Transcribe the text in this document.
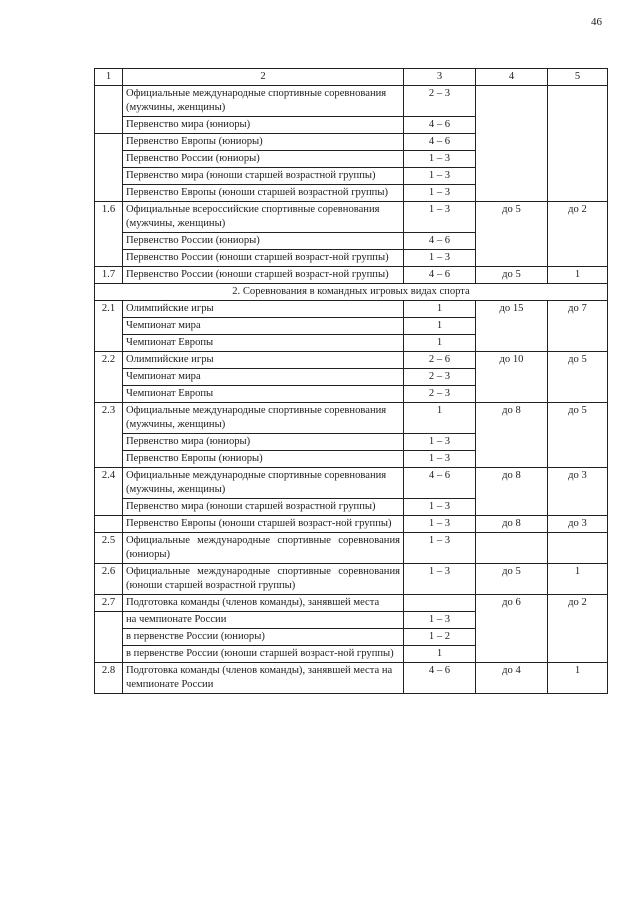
46
1	2	3	4	5
	Официальные международные спортивные соревнования (мужчины, женщины)	2 – 3		
	Первенство мира (юниоры)	4 – 6		
	Первенство Европы (юниоры)	4 – 6		
	Первенство России (юниоры)	1 – 3		
	Первенство мира (юноши старшей возрастной группы)	1 – 3		
	Первенство Европы (юноши старшей возрастной группы)	1 – 3		
1.6	Официальные всероссийские спортивные соревнования (мужчины, женщины)	1 – 3	до 5	до 2
	Первенство России (юниоры)	4 – 6		
	Первенство России (юноши старшей возраст-ной группы)	1 – 3		
1.7	Первенство России (юноши старшей возраст-ной группы)	4 – 6	до 5	1
2. Соревнования в командных игровых видах спорта				
2.1	Олимпийские игры	1	до 15	до 7
	Чемпионат мира	1		
	Чемпионат Европы	1		
2.2	Олимпийские игры	2 – 6	до 10	до 5
	Чемпионат мира	2 – 3		
	Чемпионат Европы	2 – 3		
2.3	Официальные международные спортивные соревнования (мужчины, женщины)	1	до 8	до 5
	Первенство мира (юниоры)	1 – 3		
	Первенство Европы (юниоры)	1 – 3		
2.4	Официальные международные спортивные соревнования (мужчины, женщины)	4 – 6	до 8	до 3
	Первенство мира (юноши старшей возрастной группы)	1 – 3		
	Первенство Европы (юноши старшей возраст-ной группы)	1 – 3	до 8	до 3
2.5	Официальные международные спортивные соревнования (юниоры)	1 – 3		
2.6	Официальные международные спортивные соревнования (юноши старшей возрастной группы)	1 – 3	до 5	1
2.7	Подготовка команды (членов команды), занявшей места		до 6	до 2
	на чемпионате России	1 – 3		
	в первенстве России (юниоры)	1 – 2		
	в первенстве России (юноши старшей возраст-ной группы)	1		
2.8	Подготовка команды (членов команды), занявшей места на чемпионате России	4 – 6	до 4	1
